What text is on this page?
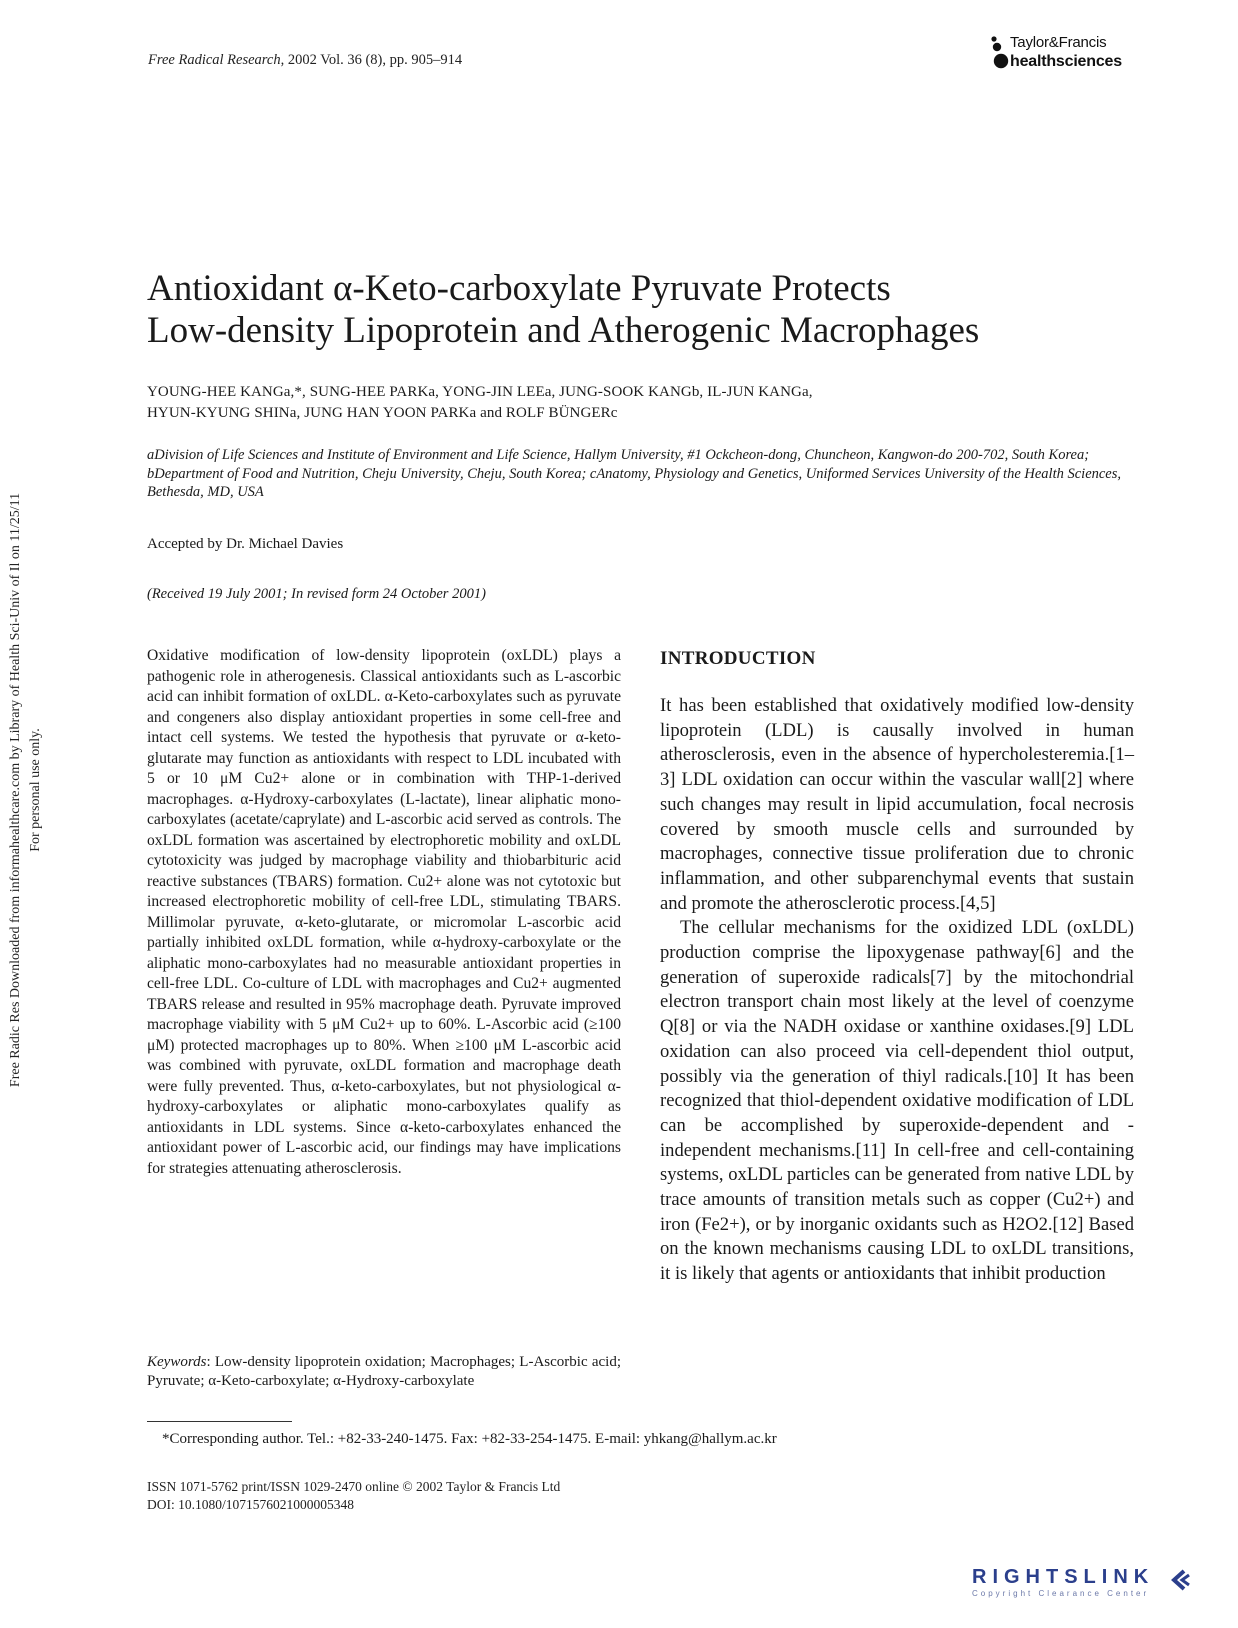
Free Radical Research, 2002 Vol. 36 (8), pp. 905–914
Taylor&Francis
healthsciences
Free Radic Res Downloaded from informahealthcare.com by Library of Health Sci-Univ of Il on 11/25/11 For personal use only.
Antioxidant α-Keto-carboxylate Pyruvate Protects
Low-density Lipoprotein and Atherogenic Macrophages
YOUNG-HEE KANGa,*, SUNG-HEE PARKa, YONG-JIN LEEa, JUNG-SOOK KANGb, IL-JUN KANGa,
HYUN-KYUNG SHINa, JUNG HAN YOON PARKa and ROLF BÜNGERc
aDivision of Life Sciences and Institute of Environment and Life Science, Hallym University, #1 Ockcheon-dong, Chuncheon, Kangwon-do 200-702, South Korea; bDepartment of Food and Nutrition, Cheju University, Cheju, South Korea; cAnatomy, Physiology and Genetics, Uniformed Services University of the Health Sciences, Bethesda, MD, USA
Accepted by Dr. Michael Davies
(Received 19 July 2001; In revised form 24 October 2001)
Oxidative modification of low-density lipoprotein (oxLDL) plays a pathogenic role in atherogenesis. Classical antioxidants such as L-ascorbic acid can inhibit formation of oxLDL. α-Keto-carboxylates such as pyruvate and congeners also display antioxidant properties in some cell-free and intact cell systems. We tested the hypothesis that pyruvate or α-keto-glutarate may function as antioxidants with respect to LDL incubated with 5 or 10 μM Cu2+ alone or in combination with THP-1-derived macrophages. α-Hydroxy-carboxylates (L-lactate), linear aliphatic mono-carboxylates (acetate/caprylate) and L-ascorbic acid served as controls. The oxLDL formation was ascertained by electrophoretic mobility and oxLDL cytotoxicity was judged by macrophage viability and thiobarbituric acid reactive substances (TBARS) formation. Cu2+ alone was not cytotoxic but increased electrophoretic mobility of cell-free LDL, stimulating TBARS. Millimolar pyruvate, α-keto-glutarate, or micromolar L-ascorbic acid partially inhibited oxLDL formation, while α-hydroxy-carboxylate or the aliphatic mono-carboxylates had no measurable antioxidant properties in cell-free LDL. Co-culture of LDL with macrophages and Cu2+ augmented TBARS release and resulted in 95% macrophage death. Pyruvate improved macrophage viability with 5 μM Cu2+ up to 60%. L-Ascorbic acid (≥100 μM) protected macrophages up to 80%. When ≥100 μM L-ascorbic acid was combined with pyruvate, oxLDL formation and macrophage death were fully prevented. Thus, α-keto-carboxylates, but not physiological α-hydroxy-carboxylates or aliphatic mono-carboxylates qualify as antioxidants in LDL systems. Since α-keto-carboxylates enhanced the antioxidant power of L-ascorbic acid, our findings may have implications for strategies attenuating atherosclerosis.
Keywords: Low-density lipoprotein oxidation; Macrophages; L-Ascorbic acid; Pyruvate; α-Keto-carboxylate; α-Hydroxy-carboxylate
INTRODUCTION

It has been established that oxidatively modified low-density lipoprotein (LDL) is causally involved in human atherosclerosis, even in the absence of hypercholesteremia.[1–3] LDL oxidation can occur within the vascular wall[2] where such changes may result in lipid accumulation, focal necrosis covered by smooth muscle cells and surrounded by macrophages, connective tissue proliferation due to chronic inflammation, and other subparenchymal events that sustain and promote the atherosclerotic process.[4,5]

The cellular mechanisms for the oxidized LDL (oxLDL) production comprise the lipoxygenase pathway[6] and the generation of superoxide radicals[7] by the mitochondrial electron transport chain most likely at the level of coenzyme Q[8] or via the NADH oxidase or xanthine oxidases.[9] LDL oxidation can also proceed via cell-dependent thiol output, possibly via the generation of thiyl radicals.[10] It has been recognized that thiol-dependent oxidative modification of LDL can be accomplished by superoxide-dependent and -independent mechanisms.[11] In cell-free and cell-containing systems, oxLDL particles can be generated from native LDL by trace amounts of transition metals such as copper (Cu2+) and iron (Fe2+), or by inorganic oxidants such as H2O2.[12] Based on the known mechanisms causing LDL to oxLDL transitions, it is likely that agents or antioxidants that inhibit production

*Corresponding author. Tel.: +82-33-240-1475. Fax: +82-33-254-1475. E-mail: yhkang@hallym.ac.kr
ISSN 1071-5762 print/ISSN 1029-2470 online © 2002 Taylor & Francis Ltd
DOI: 10.1080/1071576021000005348
RIGHTSLINK
Copyright Clearance Center
